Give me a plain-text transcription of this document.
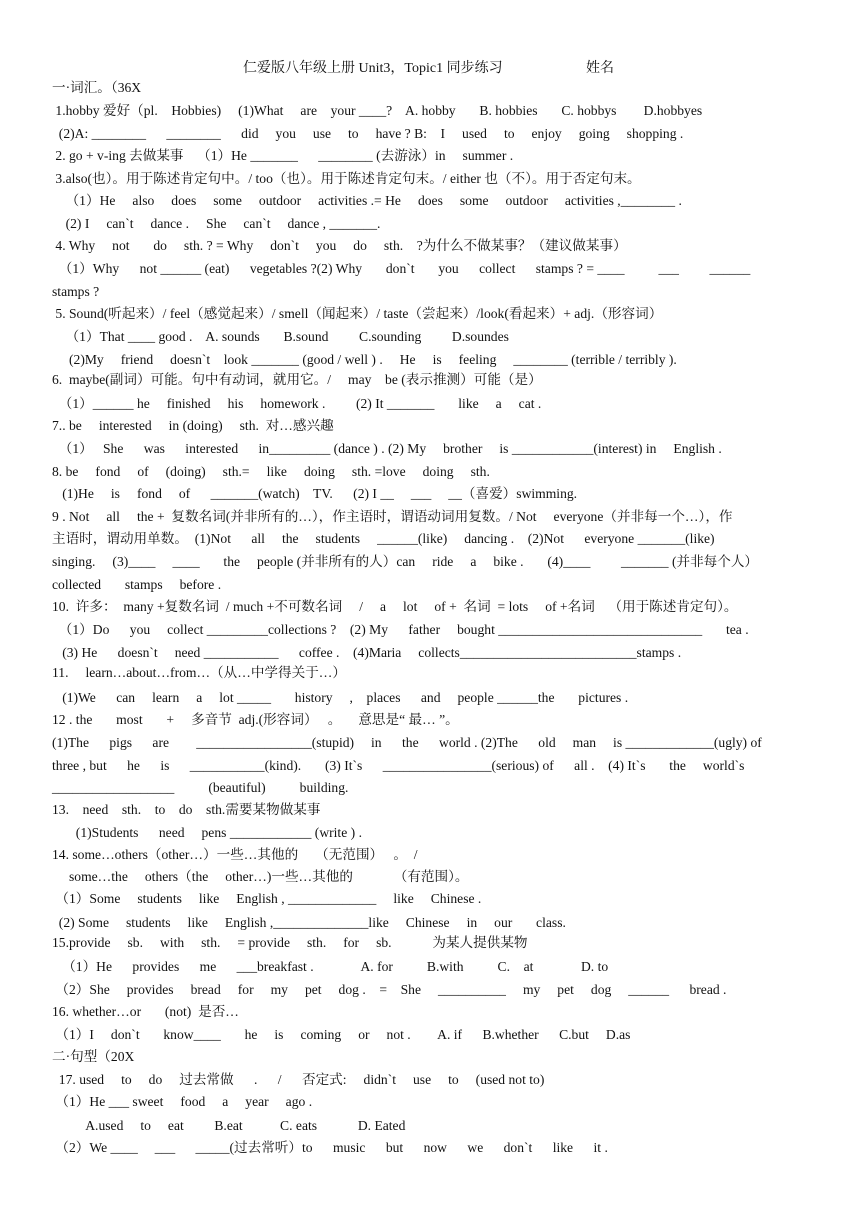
仁爱版八年级上册 Unit3，Topic1 同步练习	姓名
一·词汇。（36X
1.hobby 爱好（pl.    Hobbies)     (1)What     are    your ____?    A. hobby       B. hobbies       C. hobbys        D.hobbyes
(2)A: ________      ________      did     you     use     to     have ? B:    I     used     to     enjoy     going     shopping .
2. go + v-ing 去做某事    （1）He _______      ________ (去游泳）in     summer .
3.also(也）。用于陈述肯定句中。/ too（也）。用于陈述肯定句末。/ either 也（不）。用于否定句末。
（1）He     also     does     some     outdoor     activities .= He     does     some     outdoor     activities ,________ .
(2) I     can`t     dance .     She     can`t     dance , _______.
4. Why     not       do     sth. ? = Why     don`t     you     do     sth.    ?为什么不做某事？（建议做某事）
（1）Why      not ______ (eat)      vegetables ?(2) Why       don`t       you      collect      stamps ? = ____          ___         ______
stamps ?
5. Sound(听起来）/ feel（感觉起来）/ smell（闻起来）/ taste（尝起来）/look(看起来）+ adj.（形容词）
（1）That ____ good .    A. sounds       B.sound         C.sounding         D.soundes
(2)My     friend     doesn`t    look _______ (good / well ) .     He     is     feeling     ________ (terrible / terribly ).
6.  maybe(副词）可能。句中有动词，就用它。/     may    be (表示推测）可能（是）
（1）______ he     finished     his     homework .         (2) It _______       like     a     cat .
7.. be     interested     in (doing)     sth.  对…感兴趣
（1）   She      was      interested      in_________ (dance ) . (2) My     brother     is ____________(interest) in     English .
8. be     fond     of     (doing)     sth.=     like     doing     sth. =love     doing     sth.
(1)He     is     fond     of      _______(watch)    TV.      (2) I __     ___     __（喜爱）swimming.
9 . Not     all     the +  复数名词(并非所有的…），作主语时，谓语动词用复数。/ Not     everyone（并非每一个…），作
主语时，谓动用单数。  (1)Not      all     the     students     ______(like)     dancing .    (2)Not      everyone _______(like)
singing.     (3)____     ____       the     people (并非所有的人）can     ride     a     bike .       (4)____         _______ (并非每个人）
collected       stamps     before .
10.  许多：  many +复数名词  / much +不可数名词     /     a     lot     of +  名词  = lots     of +名词    （用于陈述肯定句）。
（1）Do      you     collect _________collections ?    (2) My      father     bought ______________________________       tea .
(3) He      doesn`t     need ___________      coffee .    (4)Maria     collects__________________________stamps .
11.     learn…about…from…（从…中学得关于…）
(1)We      can     learn     a     lot _____       history     ,    places      and     people ______the       pictures .
12 . the       most       +     多音节  adj.(形容词）   。     意思是“ 最… ”。
(1)The      pigs      are        _________________(stupid)     in      the      world . (2)The      old     man     is _____________(ugly) of
three , but      he      is      ___________(kind).       (3) It`s      ________________(serious) of      all .    (4) It`s       the     world`s
__________________          (beautiful)          building.
13.    need    sth.    to    do    sth.需要某物做某事
(1)Students      need     pens ____________ (write ) .
14. some…others（other…）一些…其他的     （无范围）   。  /
some…the     others（the     other…)一些…其他的            （有范围）。
（1）Some     students     like     English , _____________     like     Chinese .
(2) Some     students     like     English ,______________like     Chinese     in     our       class.
15.provide     sb.     with     sth.     = provide     sth.     for     sb.            为某人提供某物
（1）He      provides      me      ___breakfast .              A. for          B.with          C.    at              D. to
（2）She     provides     bread     for     my     pet     dog .    =    She     __________     my     pet     dog     ______      bread .
16. whether…or       (not)  是否…
（1）I     don`t       know____       he     is     coming     or     not .        A. if      B.whether      C.but     D.as
二·句型（20X
17. used     to     do     过去常做      .      /      否定式:     didn`t     use     to     (used not to)
（1）He ___ sweet     food     a     year     ago .
A.used     to     eat         B.eat           C. eats            D. Eated
（2）We ____     ___      _____(过去常听）to      music      but      now      we      don`t      like      it .
